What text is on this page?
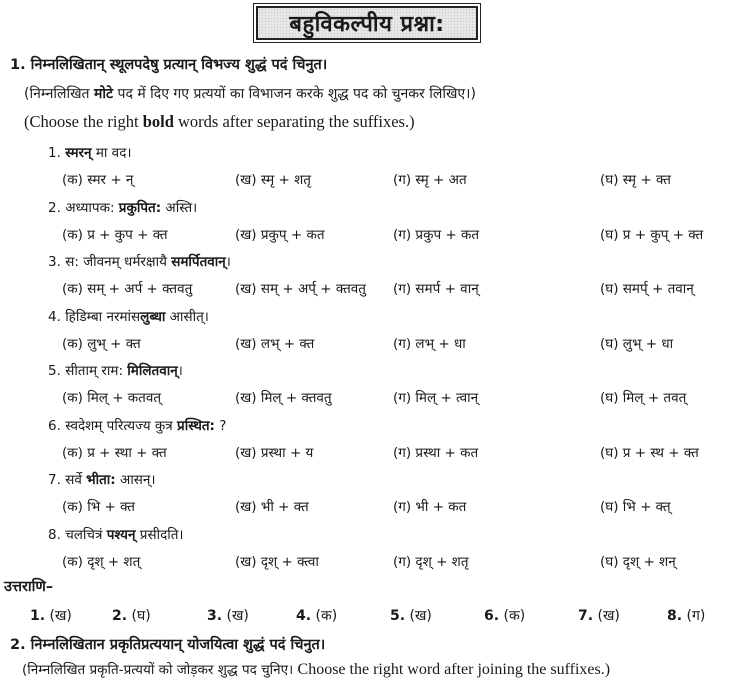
बहुविकल्पीय प्रश्ना:
1. निम्नलिखितान् स्थूलपदेषु प्रत्यान् विभज्य शुद्धं पदं चिनुत।
(निम्नलिखित मोटे पद में दिए गए प्रत्ययों का विभाजन करके शुद्ध पद को चुनकर लिखिए।)
(Choose the right bold words after separating the suffixes.)
1. स्मरन् मा वद।
(क) स्मर + न्	(ख) स्मृ + शतृ	(ग) स्मृ + अत	(घ) स्मृ + क्त
2. अध्यापक: प्रकुपित: अस्ति।
(क) प्र + कुप + क्त	(ख) प्रकुप् + कत	(ग) प्रकुप + कत	(घ) प्र + कुप् + क्त
3. स: जीवनम् धर्मरक्षायै समर्पितवान्।
(क) सम् + अर्प + क्तवतु	(ख) सम् + अर्प् + क्तवतु (ग) समर्प + वान्	(घ) समर्प् + तवान्
4. हिडिम्बा नरमांसलुब्धा आसीत्।
(क) लुभ् + क्त	(ख) लभ् + क्त	(ग) लभ् + धा	(घ) लुभ् + धा
5. सीताम् राम: मिलितवान्।
(क) मिल् + कतवत्	(ख) मिल् + क्तवतु	(ग) मिल् + त्वान्	(घ) मिल् + तवत्
6. स्वदेशम् परित्यज्य कुत्र प्रस्थित: ?
(क) प्र + स्था + क्त	(ख) प्रस्था + य	(ग) प्रस्था + कत	(घ) प्र + स्थ + क्त
7. सर्वे भीता: आसन्।
(क) भि + क्त	(ख) भी + क्त	(ग) भी + कत	(घ) भि + क्त्
8. चलचित्रं पश्यन् प्रसीदति।
(क) दृश् + शत्	(ख) दृश् + क्त्वा	(ग) दृश् + शतृ	(घ) दृश् + शन्
उत्तराणि–
1. (ख)	2. (घ)	3. (ख)	4. (क)	5. (ख)	6. (क)	7. (ख)	8. (ग)
2. निम्नलिखितान प्रकृतिप्रत्ययान् योजयित्वा शुद्धं पदं चिनुत।
(निम्नलिखित प्रकृति-प्रत्ययों को जोड़कर शुद्ध पद चुनिए। Choose the right word after joining the suffixes.)
